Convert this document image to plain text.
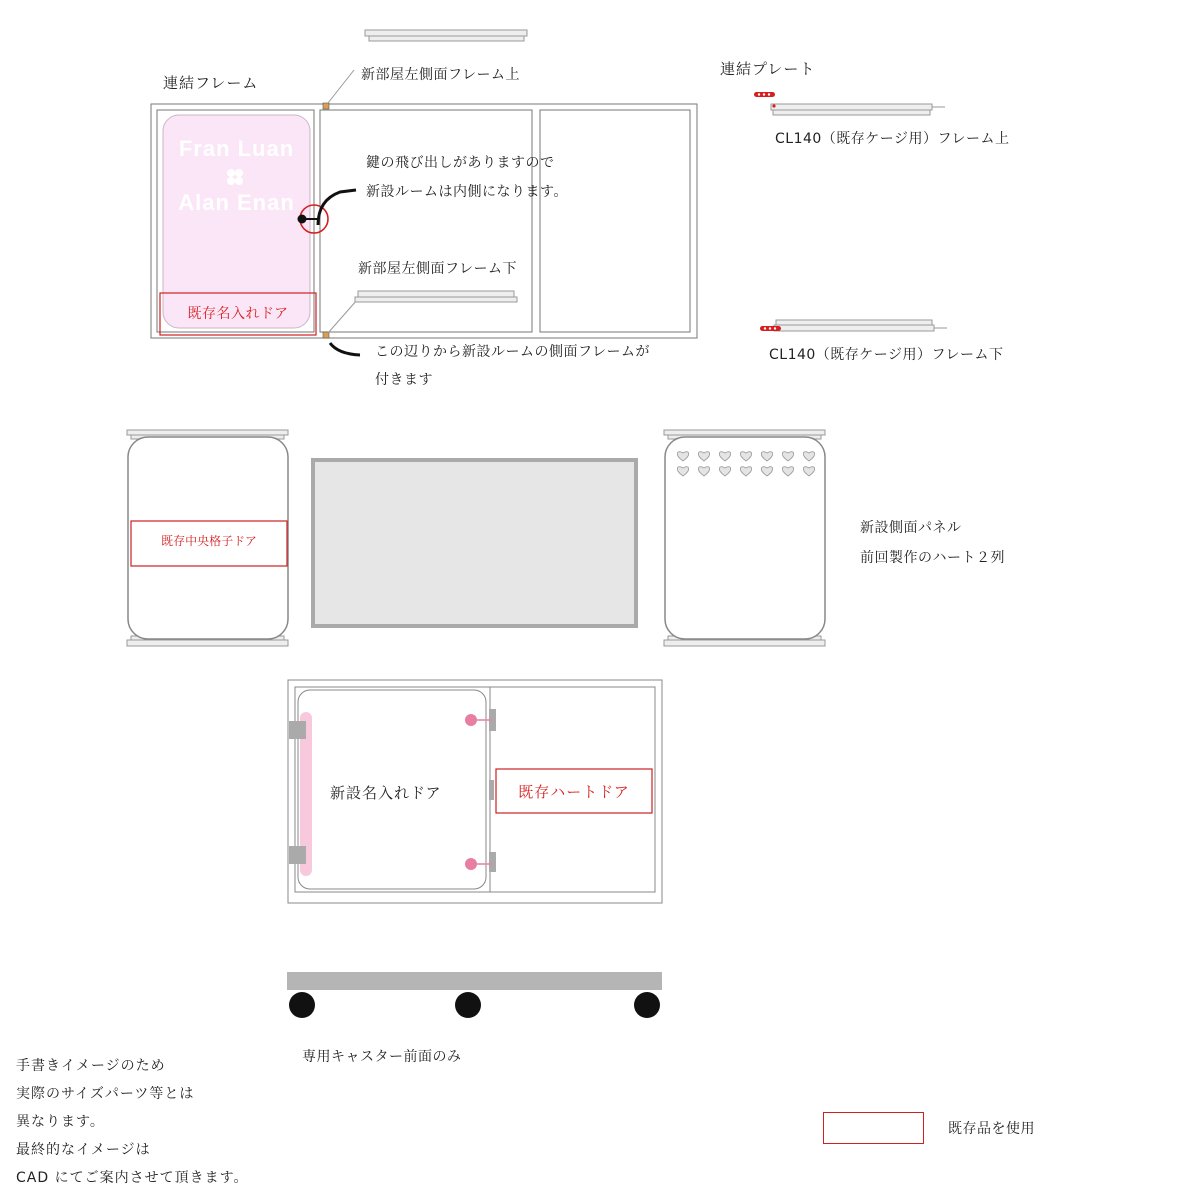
連結フレーム	新部屋左側面フレーム上	連結プレート
CL140（既存ケージ用）フレーム上
Fran Luan
Alan Enan
鍵の飛び出しがありますので
新設ルームは内側になります。
新部屋左側面フレーム下
既存名入れドア
この辺りから新設ルームの側面フレームが
付きます
CL140（既存ケージ用）フレーム下
既存中央格子ドア
新設側面パネル
前回製作のハート２列
新設名入れドア	既存ハートドア
専用キャスター前面のみ
手書きイメージのため
実際のサイズパーツ等とは
異なります。
最終的なイメージは
CAD にてご案内させて頂きます。
既存品を使用
